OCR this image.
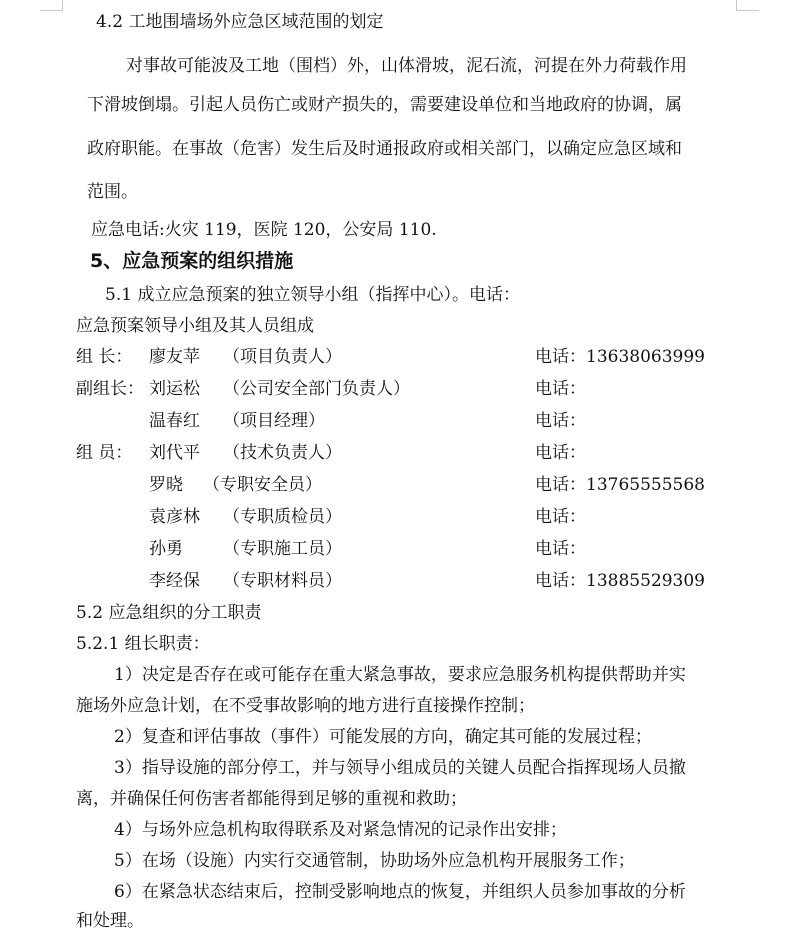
4.2 工地围墙场外应急区域范围的划定
对事故可能波及工地（围档）外，山体滑坡，泥石流，河提在外力荷载作用
下滑坡倒塌。引起人员伤亡或财产损失的，需要建设单位和当地政府的协调，属
政府职能。在事故（危害）发生后及时通报政府或相关部门，以确定应急区域和
范围。
应急电话:火灾 119，医院 120，公安局 110.
5、应急预案的组织措施
5.1 成立应急预案的独立领导小组（指挥中心）。电话：
应急预案领导小组及其人员组成
组 长： 廖友苹 （项目负责人）	电话：13638063999
副组长： 刘运松 （公司安全部门负责人）	电话：
温春红 （项目经理）	电话：
组 员： 刘代平 （技术负责人）	电话：
罗晓 （专职安全员）	电话：13765555568
袁彦林 （专职质检员）	电话：
孙勇 （专职施工员）	电话：
李经保 （专职材料员）	电话：13885529309
5.2 应急组织的分工职责
5.2.1 组长职责：
1）决定是否存在或可能存在重大紧急事故，要求应急服务机构提供帮助并实
施场外应急计划，在不受事故影响的地方进行直接操作控制；
2）复查和评估事故（事件）可能发展的方向，确定其可能的发展过程；
3）指导设施的部分停工，并与领导小组成员的关键人员配合指挥现场人员撤
离，并确保任何伤害者都能得到足够的重视和救助；
4）与场外应急机构取得联系及对紧急情况的记录作出安排；
5）在场（设施）内实行交通管制，协助场外应急机构开展服务工作；
6）在紧急状态结束后，控制受影响地点的恢复，并组织人员参加事故的分析
和处理。
